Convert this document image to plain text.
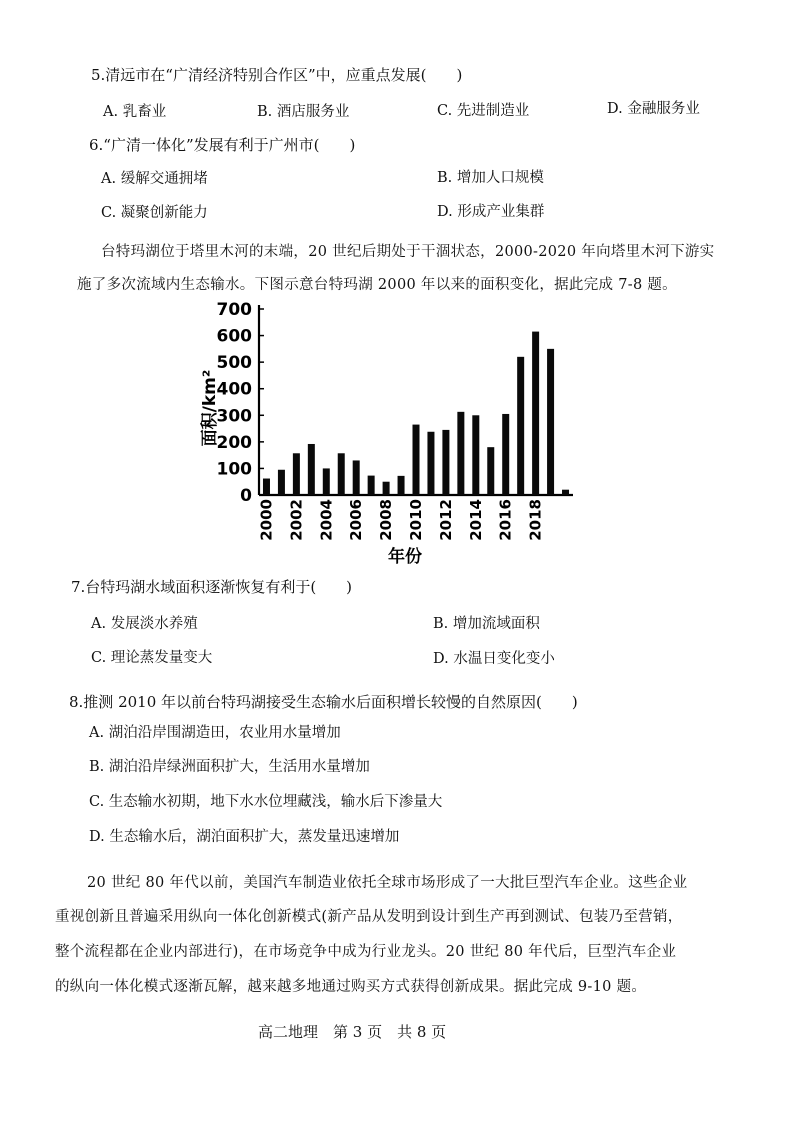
5.清远市在“广清经济特别合作区”中，应重点发展(　　)
A. 乳畜业	B. 酒店服务业	C. 先进制造业	D. 金融服务业
6.“广清一体化”发展有利于广州市(　　)
A. 缓解交通拥堵	B. 增加人口规模
C. 凝聚创新能力	D. 形成产业集群
台特玛湖位于塔里木河的末端，20 世纪后期处于干涸状态，2000-2020 年向塔里木河下游实
施了多次流域内生态输水。下图示意台特玛湖 2000 年以来的面积变化，据此完成 7-8 题。
0
100
200
300
400
500
600
700
2000 2002 2004 2006 2008 2010 2012 2014 2016 2018
年份
面积/km²
7.台特玛湖水域面积逐渐恢复有利于(　　)
A. 发展淡水养殖	B. 增加流域面积
C. 理论蒸发量变大	D. 水温日变化变小
8.推测 2010 年以前台特玛湖接受生态输水后面积增长较慢的自然原因(　　)
A. 湖泊沿岸围湖造田，农业用水量增加
B. 湖泊沿岸绿洲面积扩大，生活用水量增加
C. 生态输水初期，地下水水位埋藏浅，输水后下渗量大
D. 生态输水后，湖泊面积扩大，蒸发量迅速增加
20 世纪 80 年代以前，美国汽车制造业依托全球市场形成了一大批巨型汽车企业。这些企业
重视创新且普遍采用纵向一体化创新模式(新产品从发明到设计到生产再到测试、包装乃至营销，
整个流程都在企业内部进行)，在市场竞争中成为行业龙头。20 世纪 80 年代后，巨型汽车企业
的纵向一体化模式逐渐瓦解，越来越多地通过购买方式获得创新成果。据此完成 9-10 题。
高二地理　第 3 页　共 8 页
